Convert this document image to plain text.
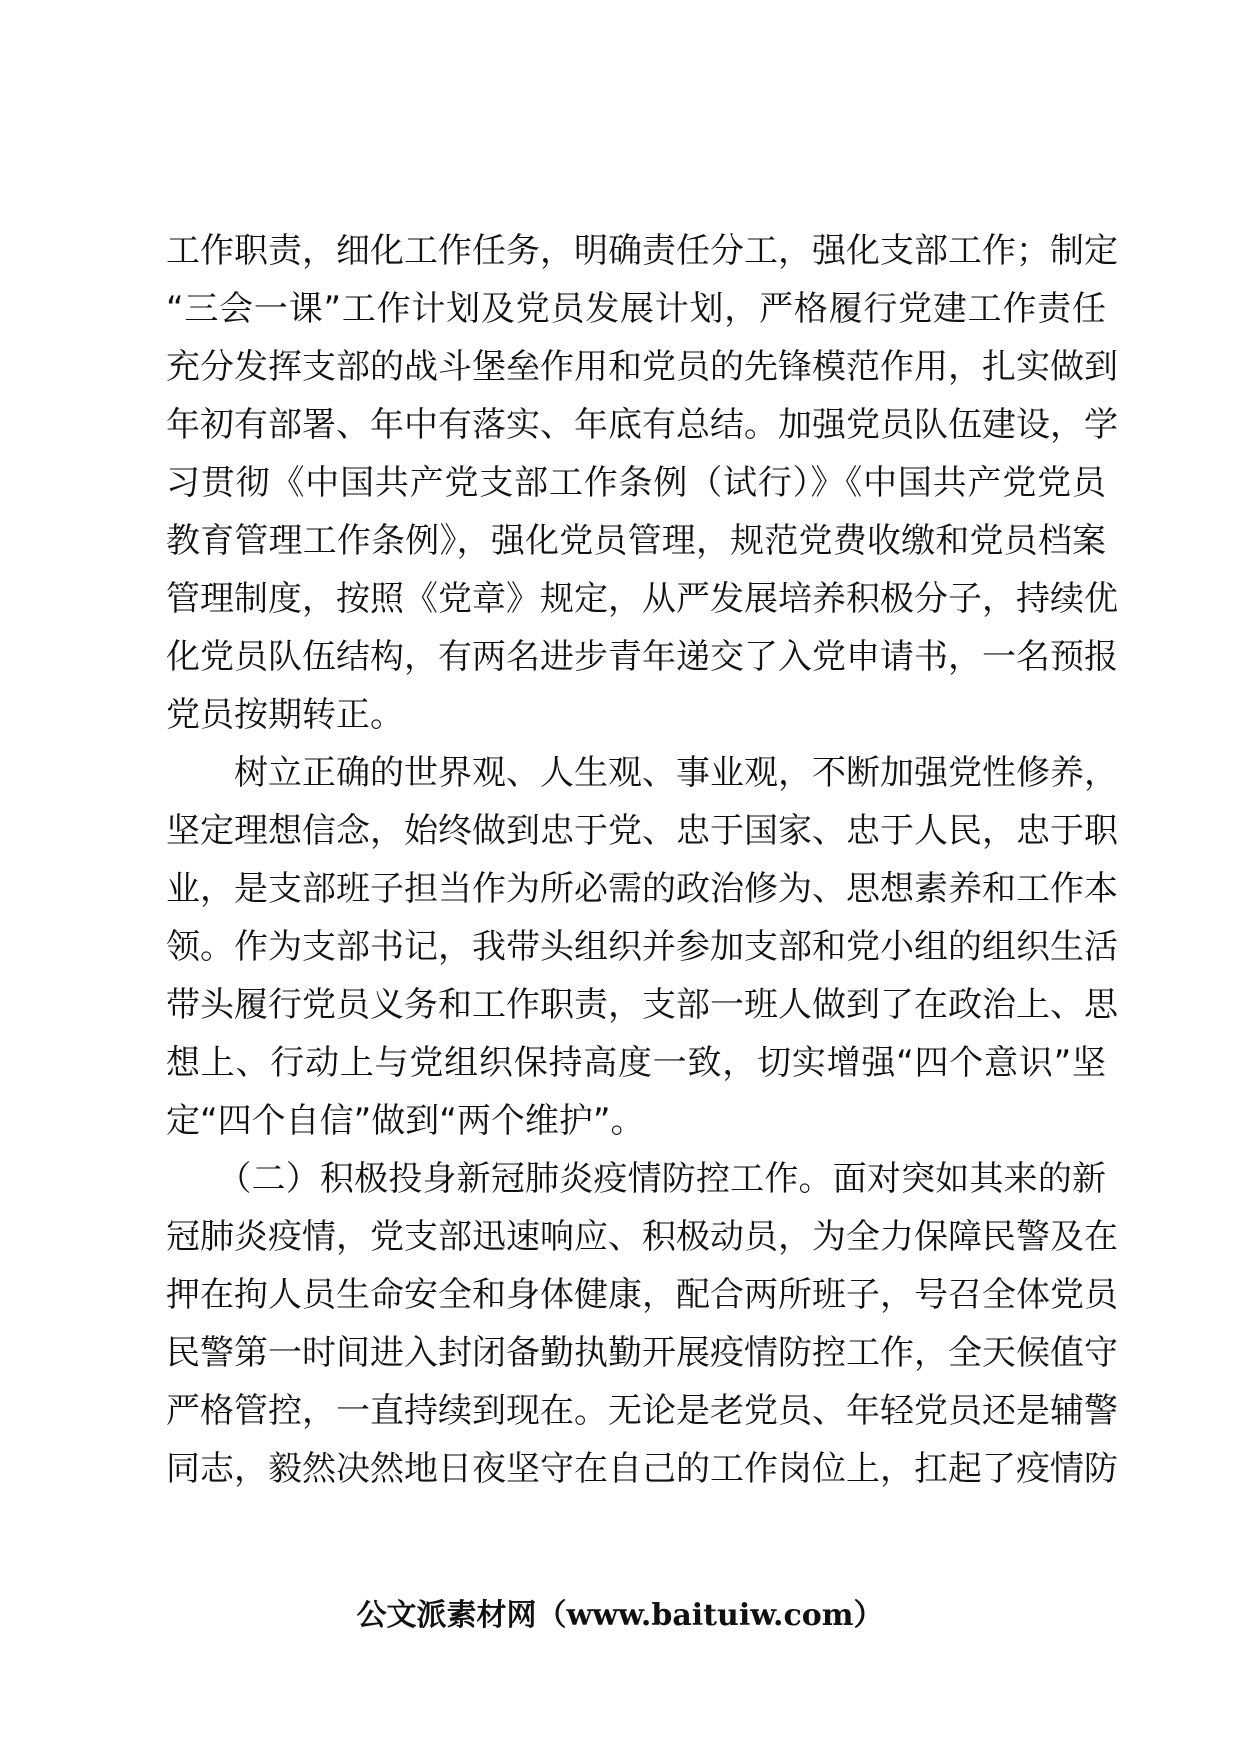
工作职责，细化工作任务，明确责任分工，强化支部工作；制定
“三会一课”工作计划及党员发展计划，严格履行党建工作责任
充分发挥支部的战斗堡垒作用和党员的先锋模范作用，扎实做到
年初有部署、年中有落实、年底有总结。加强党员队伍建设，学
习贯彻《中国共产党支部工作条例（试行）》《中国共产党党员
教育管理工作条例》，强化党员管理，规范党费收缴和党员档案
管理制度，按照《党章》规定，从严发展培养积极分子，持续优
化党员队伍结构，有两名进步青年递交了入党申请书，一名预报
党员按期转正。
　　树立正确的世界观、人生观、事业观，不断加强党性修养，
坚定理想信念，始终做到忠于党、忠于国家、忠于人民，忠于职
业，是支部班子担当作为所必需的政治修为、思想素养和工作本
领。作为支部书记，我带头组织并参加支部和党小组的组织生活
带头履行党员义务和工作职责，支部一班人做到了在政治上、思
想上、行动上与党组织保持高度一致，切实增强“四个意识”坚
定“四个自信”做到“两个维护”。
　　（二）积极投身新冠肺炎疫情防控工作。面对突如其来的新
冠肺炎疫情，党支部迅速响应、积极动员，为全力保障民警及在
押在拘人员生命安全和身体健康，配合两所班子，号召全体党员
民警第一时间进入封闭备勤执勤开展疫情防控工作，全天候值守
严格管控，一直持续到现在。无论是老党员、年轻党员还是辅警
同志，毅然决然地日夜坚守在自己的工作岗位上，扛起了疫情防
公文派素材网（www.baituiw.com）
